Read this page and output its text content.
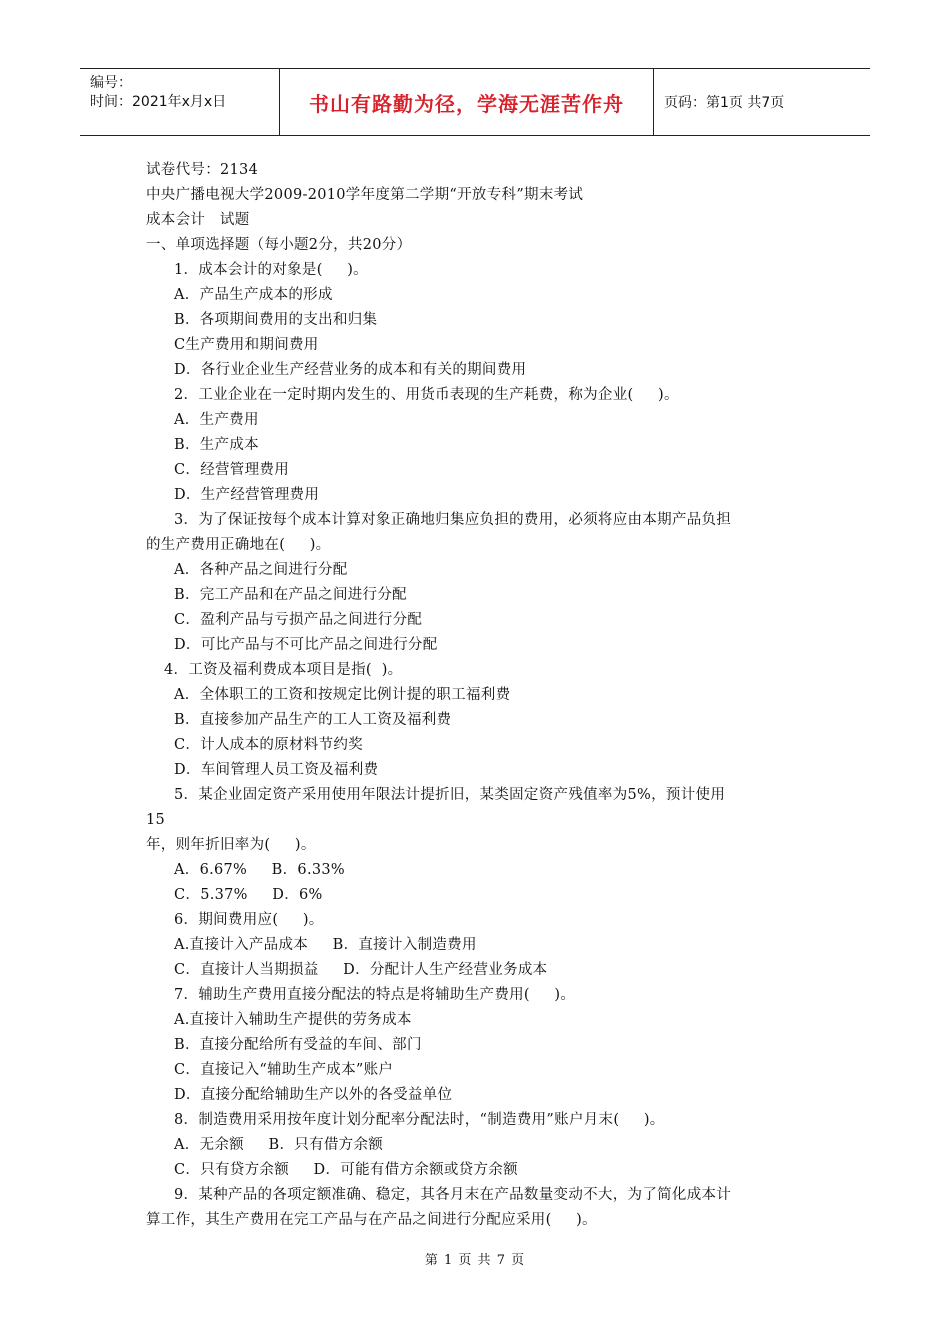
编号：
时间：2021年x月x日	书山有路勤为径，学海无涯苦作舟	页码：第1页 共7页
试卷代号：2134
中央广播电视大学2009-2010学年度第二学期“开放专科”期末考试
成本会计   试题
一、单项选择题（每小题2分，共20分）
1．成本会计的对象是(     )。
A．产品生产成本的形成
B．各项期间费用的支出和归集
C生产费用和期间费用
D．各行业企业生产经营业务的成本和有关的期间费用
2．工业企业在一定时期内发生的、用货币表现的生产耗费，称为企业(     )。
A．生产费用
B．生产成本
C．经营管理费用
D．生产经营管理费用
3．为了保证按每个成本计算对象正确地归集应负担的费用，必须将应由本期产品负担
的生产费用正确地在(     )。
A．各种产品之间进行分配
B．完工产品和在产品之间进行分配
C．盈利产品与亏损产品之间进行分配
D．可比产品与不可比产品之间进行分配
4．工资及福利费成本项目是指(  )。
A．全体职工的工资和按规定比例计提的职工福利费
B．直接参加产品生产的工人工资及福利费
C．计人成本的原材料节约奖
D．车间管理人员工资及福利费
5．某企业固定资产采用使用年限法计提折旧，某类固定资产残值率为5%，预计使用
15
年，则年折旧率为(     )。
A．6.67%     B．6.33%
C．5.37%     D．6%
6．期间费用应(     )。
A.直接计入产品成本     B．直接计入制造费用
C．直接计人当期损益     D．分配计人生产经营业务成本
7．辅助生产费用直接分配法的特点是将辅助生产费用(     )。
A.直接计入辅助生产提供的劳务成本
B．直接分配给所有受益的车间、部门
C．直接记入“辅助生产成本”账户
D．直接分配给辅助生产以外的各受益单位
8．制造费用采用按年度计划分配率分配法时，“制造费用”账户月末(     )。
A．无余额     B．只有借方余额
C．只有贷方余额     D．可能有借方余额或贷方余额
9．某种产品的各项定额准确、稳定，其各月末在产品数量变动不大，为了简化成本计
算工作，其生产费用在完工产品与在产品之间进行分配应采用(     )。
第 1 页 共 7 页
